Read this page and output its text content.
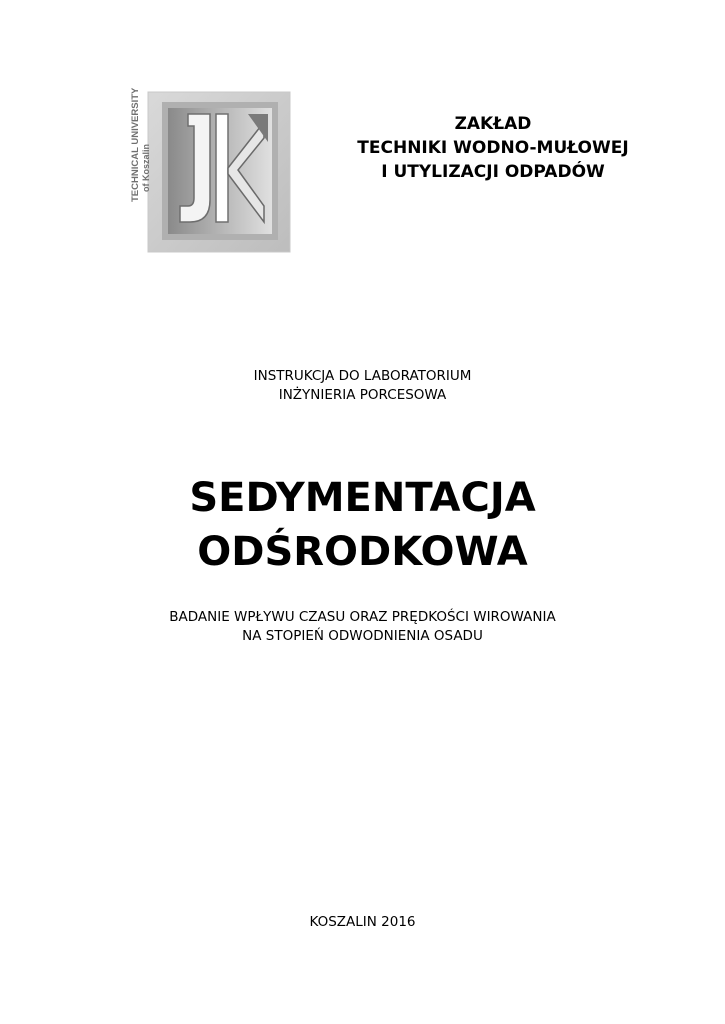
TECHNICAL UNIVERSITY of Koszalin
ZAKŁAD
TECHNIKI WODNO-MUŁOWEJ
I UTYLIZACJI ODPADÓW
INSTRUKCJA DO LABORATORIUM
INŻYNIERIA PORCESOWA
SEDYMENTACJA
ODŚRODKOWA
BADANIE WPŁYWU CZASU ORAZ PRĘDKOŚCI WIROWANIA
NA STOPIEŃ ODWODNIENIA OSADU
KOSZALIN 2016
